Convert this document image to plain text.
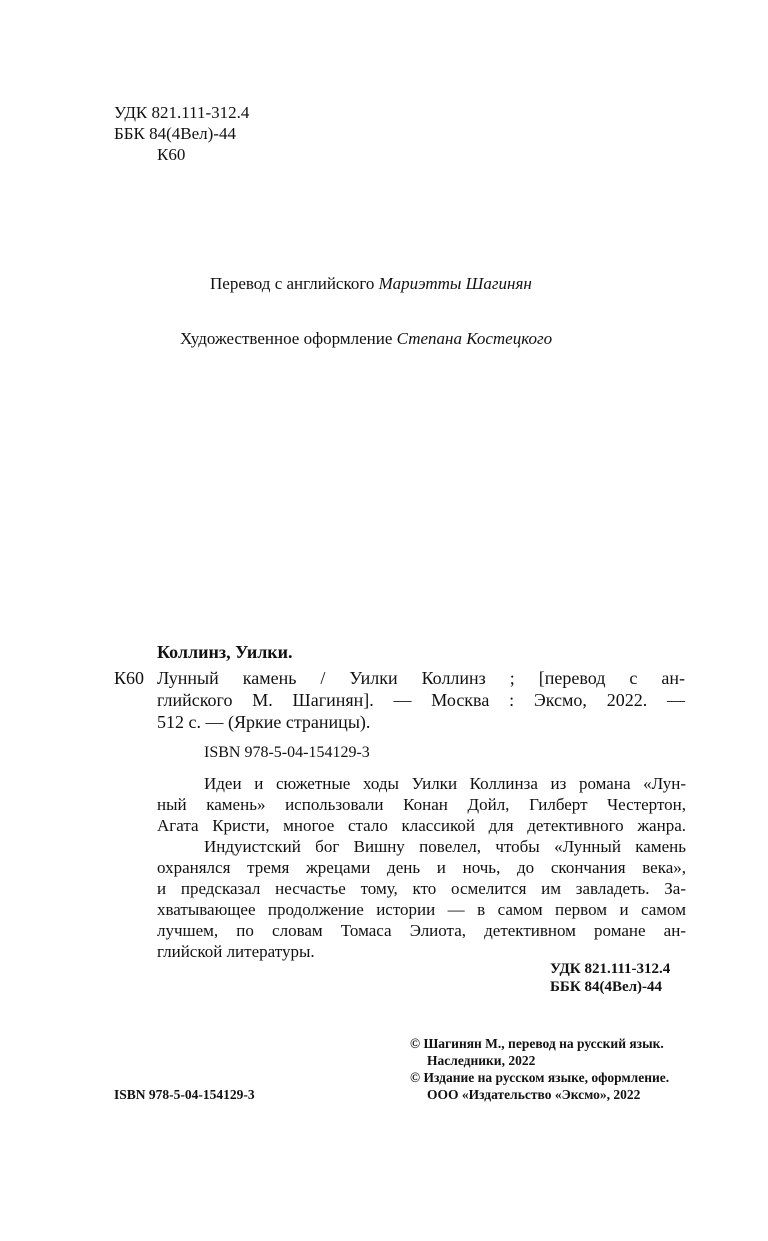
УДК 821.111-312.4
ББК 84(4Вел)-44
К60
Перевод с английского Мариэтты Шагинян
Художественное оформление Степана Костецкого
Коллинз, Уилки.
К60 Лунный камень / Уилки Коллинз ; [перевод с ан-
глийского М. Шагинян]. — Москва : Эксмо, 2022. —
512 с. — (Яркие страницы).
ISBN 978-5-04-154129-3
Идеи и сюжетные ходы Уилки Коллинза из романа «Лун-
ный камень» использовали Конан Дойл, Гилберт Честертон,
Агата Кристи, многое стало классикой для детективного жанра.
Индуистский бог Вишну повелел, чтобы «Лунный камень
охранялся тремя жрецами день и ночь, до скончания века»,
и предсказал несчастье тому, кто осмелится им завладеть. За-
хватывающее продолжение истории — в самом первом и самом
лучшем, по словам Томаса Элиота, детективном романе ан-
глийской литературы.
УДК 821.111-312.4
ББК 84(4Вел)-44
© Шагинян М., перевод на русский язык.
Наследники, 2022
© Издание на русском языке, оформление.
ООО «Издательство «Эксмо», 2022
ISBN 978-5-04-154129-3
